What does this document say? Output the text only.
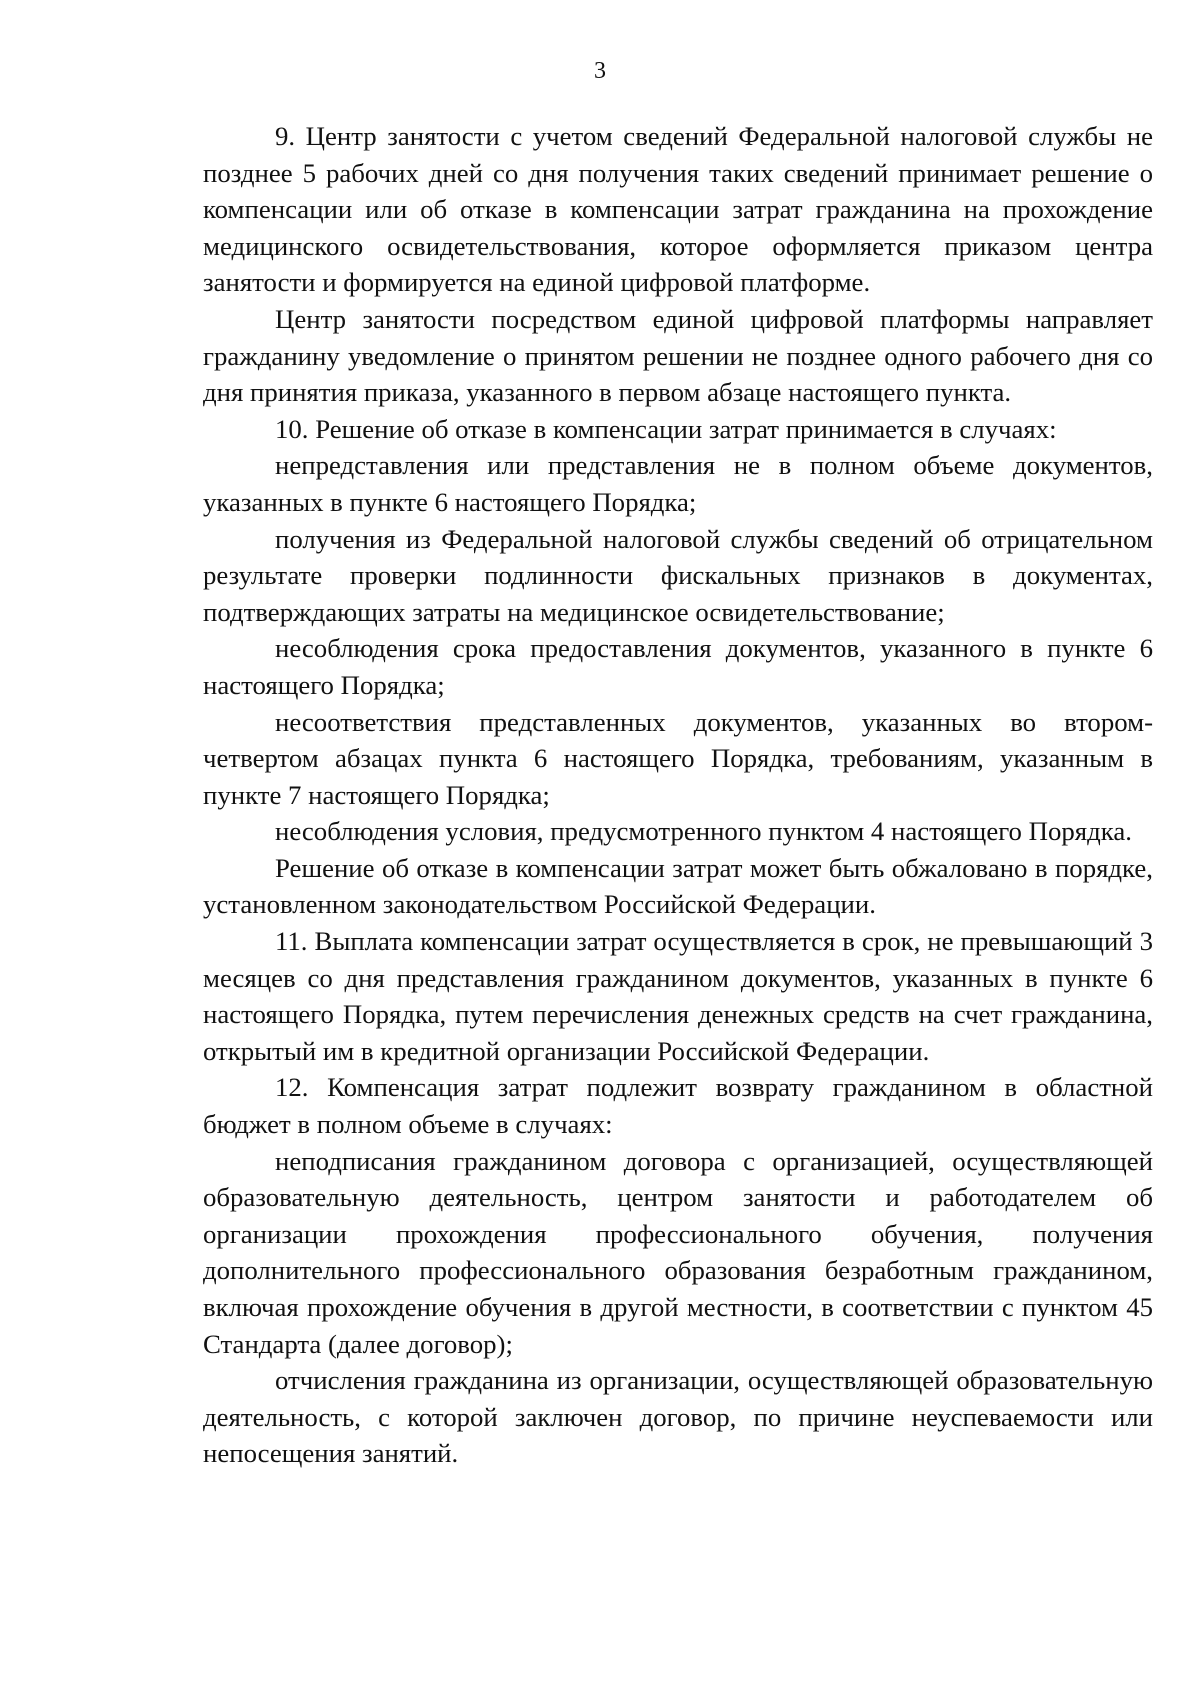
3

9. Центр занятости с учетом сведений Федеральной налоговой службы не позднее 5 рабочих дней со дня получения таких сведений принимает решение о компенсации или об отказе в компенсации затрат гражданина на прохождение медицинского освидетельствования, которое оформляется приказом центра занятости и формируется на единой цифровой платформе.

Центр занятости посредством единой цифровой платформы направляет гражданину уведомление о принятом решении не позднее одного рабочего дня со дня принятия приказа, указанного в первом абзаце настоящего пункта.

10. Решение об отказе в компенсации затрат принимается в случаях:

непредставления или представления не в полном объеме документов, указанных в пункте 6 настоящего Порядка;

получения из Федеральной налоговой службы сведений об отрицательном результате проверки подлинности фискальных признаков в документах, подтверждающих затраты на медицинское освидетельствование;

несоблюдения срока предоставления документов, указанного в пункте 6 настоящего Порядка;

несоответствия представленных документов, указанных во втором-четвертом абзацах пункта 6 настоящего Порядка, требованиям, указанным в пункте 7 настоящего Порядка;

несоблюдения условия, предусмотренного пунктом 4 настоящего Порядка.

Решение об отказе в компенсации затрат может быть обжаловано в порядке, установленном законодательством Российской Федерации.

11. Выплата компенсации затрат осуществляется в срок, не превышающий 3 месяцев со дня представления гражданином документов, указанных в пункте 6 настоящего Порядка, путем перечисления денежных средств на счет гражданина, открытый им в кредитной организации Российской Федерации.

12. Компенсация затрат подлежит возврату гражданином в областной бюджет в полном объеме в случаях:

неподписания гражданином договора с организацией, осуществляющей образовательную деятельность, центром занятости и работодателем об организации прохождения профессионального обучения, получения дополнительного профессионального образования безработным гражданином, включая прохождение обучения в другой местности, в соответствии с пунктом 45 Стандарта (далее договор);

отчисления гражданина из организации, осуществляющей образовательную деятельность, с которой заключен договор, по причине неуспеваемости или непосещения занятий.
